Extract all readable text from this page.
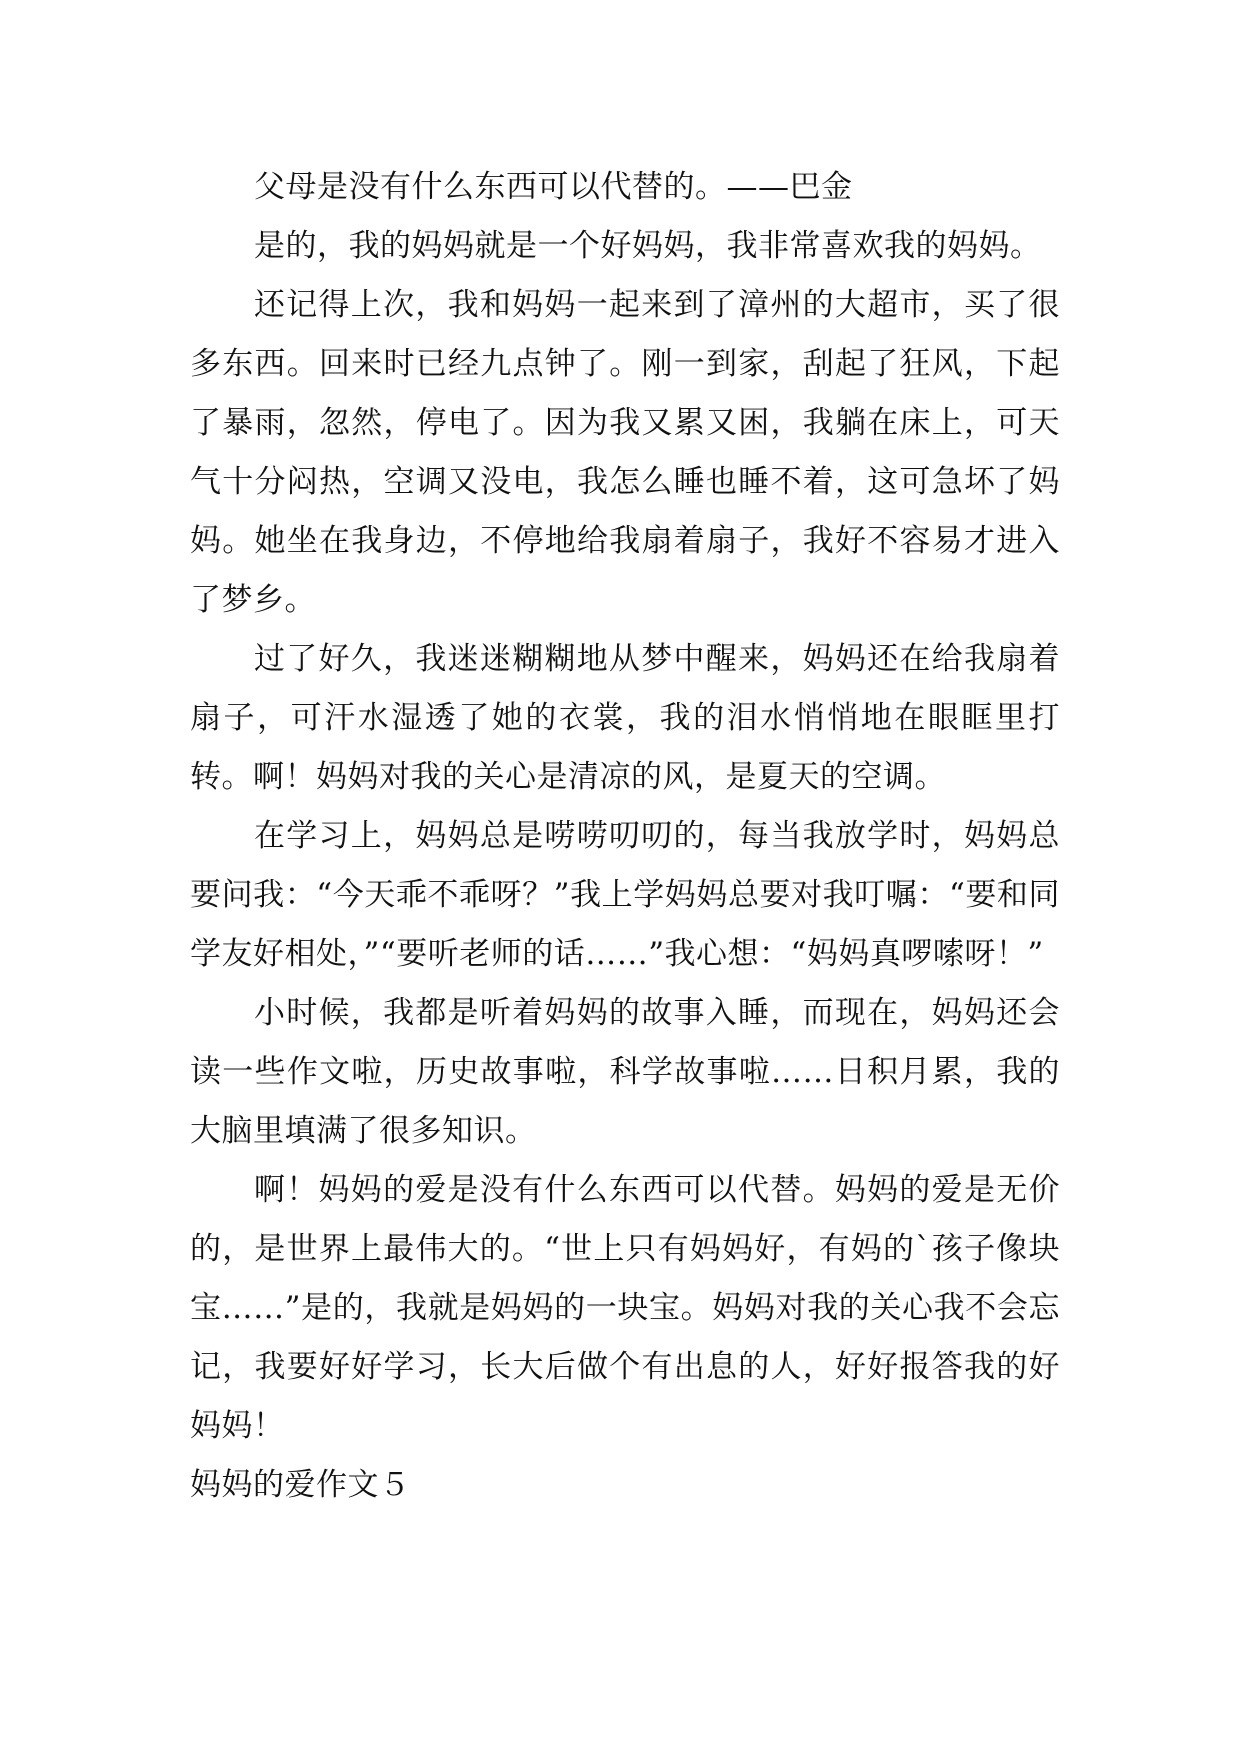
父母是没有什么东西可以代替的。——巴金

是的，我的妈妈就是一个好妈妈，我非常喜欢我的妈妈。

还记得上次，我和妈妈一起来到了漳州的大超市，买了很多东西。回来时已经九点钟了。刚一到家，刮起了狂风，下起了暴雨，忽然，停电了。因为我又累又困，我躺在床上，可天气十分闷热，空调又没电，我怎么睡也睡不着，这可急坏了妈妈。她坐在我身边，不停地给我扇着扇子，我好不容易才进入了梦乡。

过了好久，我迷迷糊糊地从梦中醒来，妈妈还在给我扇着扇子，可汗水湿透了她的衣裳，我的泪水悄悄地在眼眶里打转。啊！妈妈对我的关心是清凉的风，是夏天的空调。

在学习上，妈妈总是唠唠叨叨的，每当我放学时，妈妈总要问我：“今天乖不乖呀？”我上学妈妈总要对我叮嘱：“要和同学友好相处，”“要听老师的话……”我心想：“妈妈真啰嗦呀！”

小时候，我都是听着妈妈的故事入睡，而现在，妈妈还会读一些作文啦，历史故事啦，科学故事啦……日积月累，我的大脑里填满了很多知识。

啊！妈妈的爱是没有什么东西可以代替。妈妈的爱是无价的，是世界上最伟大的。“世上只有妈妈好，有妈的`孩子像块宝……”是的，我就是妈妈的一块宝。妈妈对我的关心我不会忘记，我要好好学习，长大后做个有出息的人，好好报答我的好妈妈！

妈妈的爱作文５
